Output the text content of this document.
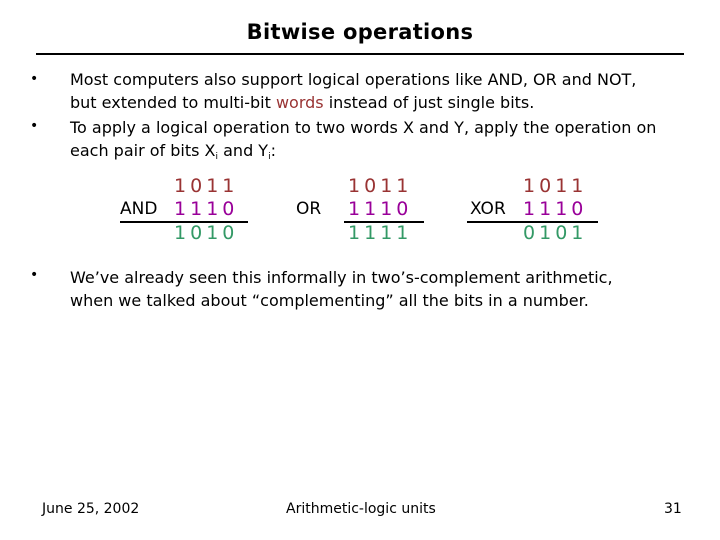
Bitwise operations
• Most computers also support logical operations like AND, OR and NOT,
but extended to multi-bit words instead of just single bits.
• To apply a logical operation to two words X and Y, apply the operation on
each pair of bits $X_i$ and $Y_i$:
AND
1011
1110
1010
OR
1011
1110
1111
XOR
1011
1110
0101
• We’ve already seen this informally in two’s-complement arithmetic,
when we talked about “complementing” all the bits in a number.
June 25, 2002	Arithmetic-logic units	31
